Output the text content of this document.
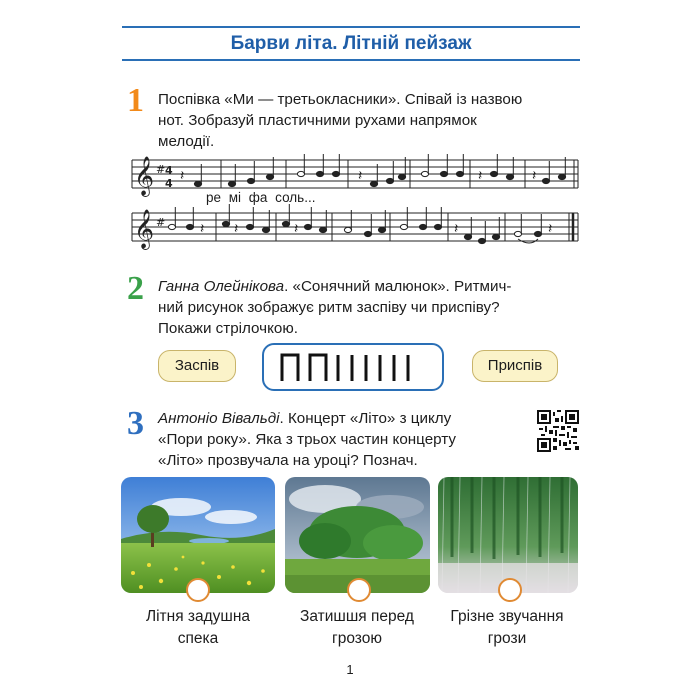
Барви літа. Літній пейзаж
1 Поспівка «Ми — третьокласники». Співай із назвою
нот. Зобразуй пластичними рухами напрямок
мелодії.
𝄞 # 4
4
𝄽	𝄽	𝄽	𝄽
ре мі фа соль...
𝄞 # 𝄽 𝄽	𝄽	𝄽	𝄽
2 Ганна Олейнікова. «Сонячний малюнок». Ритмич-
ний рисунок зображує ритм заспіву чи приспіву?
Покажи стрілочкою.
Заспів	Приспів
3 Антоніо Вівальді. Концерт «Літо» з циклу
«Пори року». Яка з трьох частин концерту
«Літо» прозвучала на уроці? Познач.
Літня задушна
спека
Затишшя перед
грозою
Грізне звучання
грози
1
